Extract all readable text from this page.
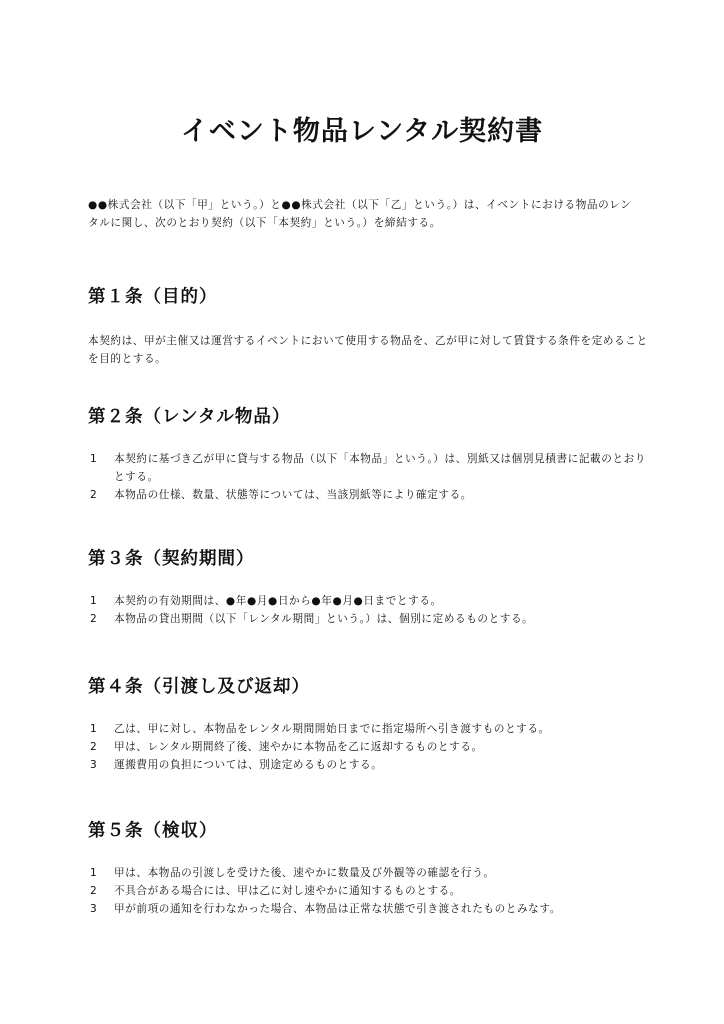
イベント物品レンタル契約書

●●株式会社（以下「甲」という。）と●●株式会社（以下「乙」という。）は、イベントにおける物品のレンタルに関し、次のとおり契約（以下「本契約」という。）を締結する。

第１条（目的）

本契約は、甲が主催又は運営するイベントにおいて使用する物品を、乙が甲に対して賃貸する条件を定めることを目的とする。

第２条（レンタル物品）
1 本契約に基づき乙が甲に貸与する物品（以下「本物品」という。）は、別紙又は個別見積書に記載のとおりとする。
2 本物品の仕様、数量、状態等については、当該別紙等により確定する。
第３条（契約期間）
1 本契約の有効期間は、●年●月●日から●年●月●日までとする。
2 本物品の貸出期間（以下「レンタル期間」という。）は、個別に定めるものとする。
第４条（引渡し及び返却）
1 乙は、甲に対し、本物品をレンタル期間開始日までに指定場所へ引き渡すものとする。
2 甲は、レンタル期間終了後、速やかに本物品を乙に返却するものとする。
3 運搬費用の負担については、別途定めるものとする。
第５条（検収）
1 甲は、本物品の引渡しを受けた後、速やかに数量及び外観等の確認を行う。
2 不具合がある場合には、甲は乙に対し速やかに通知するものとする。
3 甲が前項の通知を行わなかった場合、本物品は正常な状態で引き渡されたものとみなす。
